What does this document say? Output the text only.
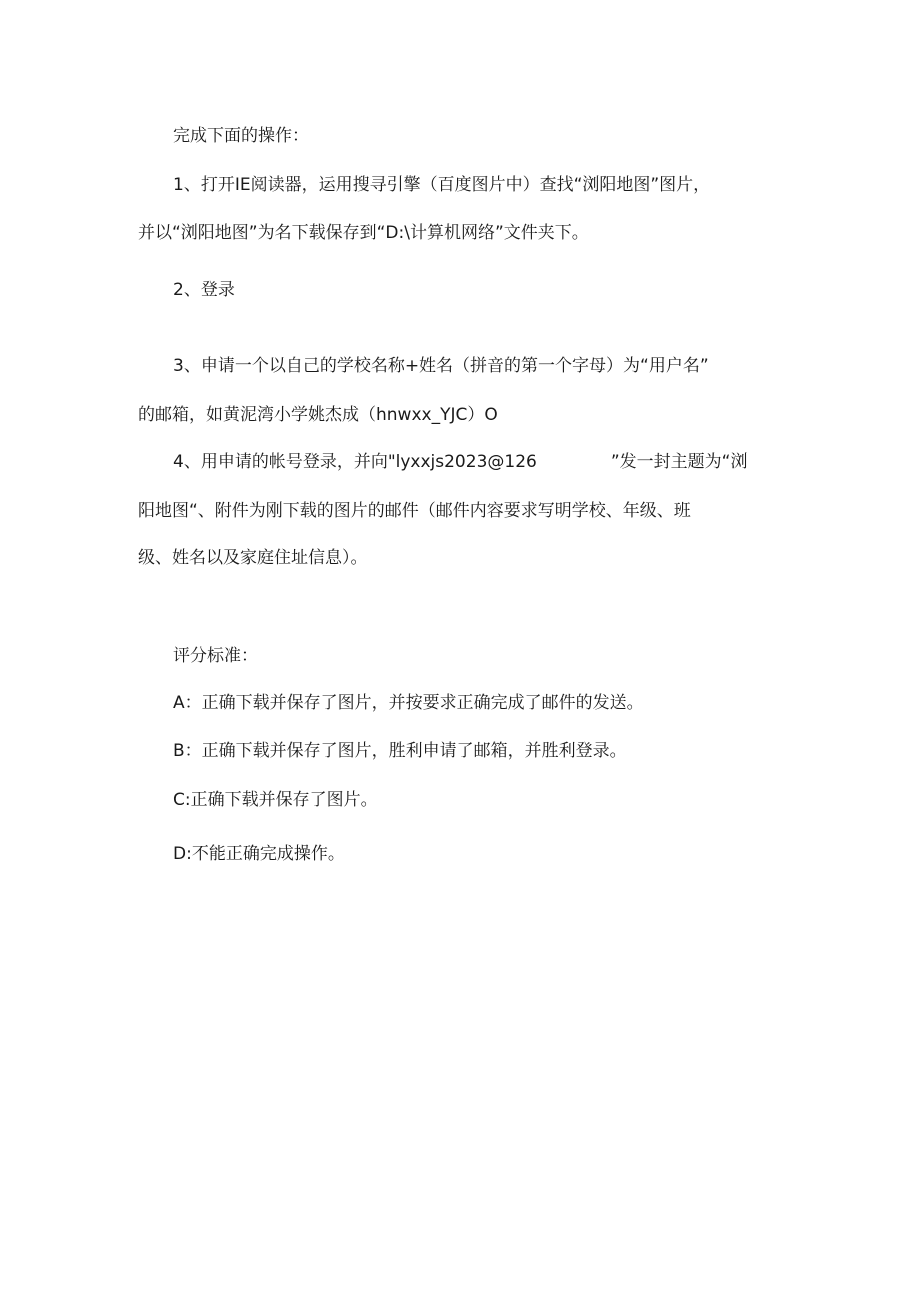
完成下面的操作：
1、打开IE阅读器，运用搜寻引擎（百度图片中）查找“浏阳地图”图片，
并以“浏阳地图”为名下载保存到“D:\计算机网络”文件夹下。
2、登录
3、申请一个以自己的学校名称+姓名（拼音的第一个字母）为“用户名”
的邮箱，如黄泥湾小学姚杰成（hnwxx_YJC）O
4、用申请的帐号登录，并向"lyxxjs2023@126	”发一封主题为“浏
阳地图“、附件为刚下载的图片的邮件（邮件内容要求写明学校、年级、班
级、姓名以及家庭住址信息）。
评分标准：
A：正确下载并保存了图片，并按要求正确完成了邮件的发送。
B：正确下载并保存了图片，胜利申请了邮箱，并胜利登录。
C:正确下载并保存了图片。
D:不能正确完成操作。
